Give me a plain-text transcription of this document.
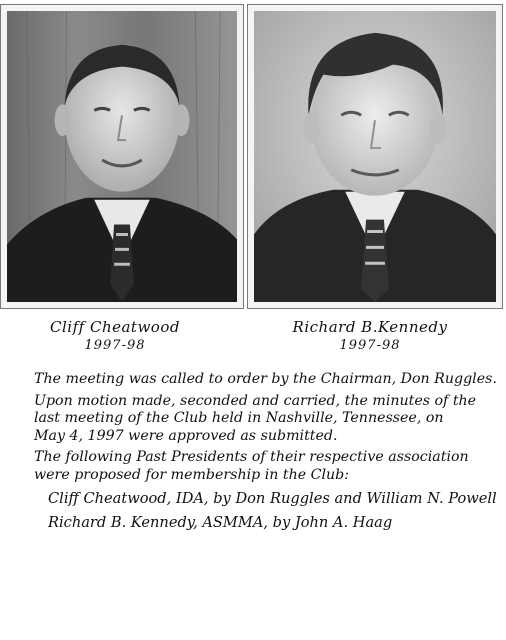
Cliff Cheatwood
1997-98
Richard B.Kennedy
1997-98
The meeting was called to order by the Chairman, Don Ruggles.
Upon motion made, seconded and carried, the minutes of the
last meeting of the Club held in Nashville, Tennessee, on
May 4, 1997 were approved as submitted.
The following Past Presidents of their respective association
were proposed for membership in the Club:
Cliff Cheatwood, IDA, by Don Ruggles and William N. Powell
Richard B. Kennedy, ASMMA, by John A. Haag
